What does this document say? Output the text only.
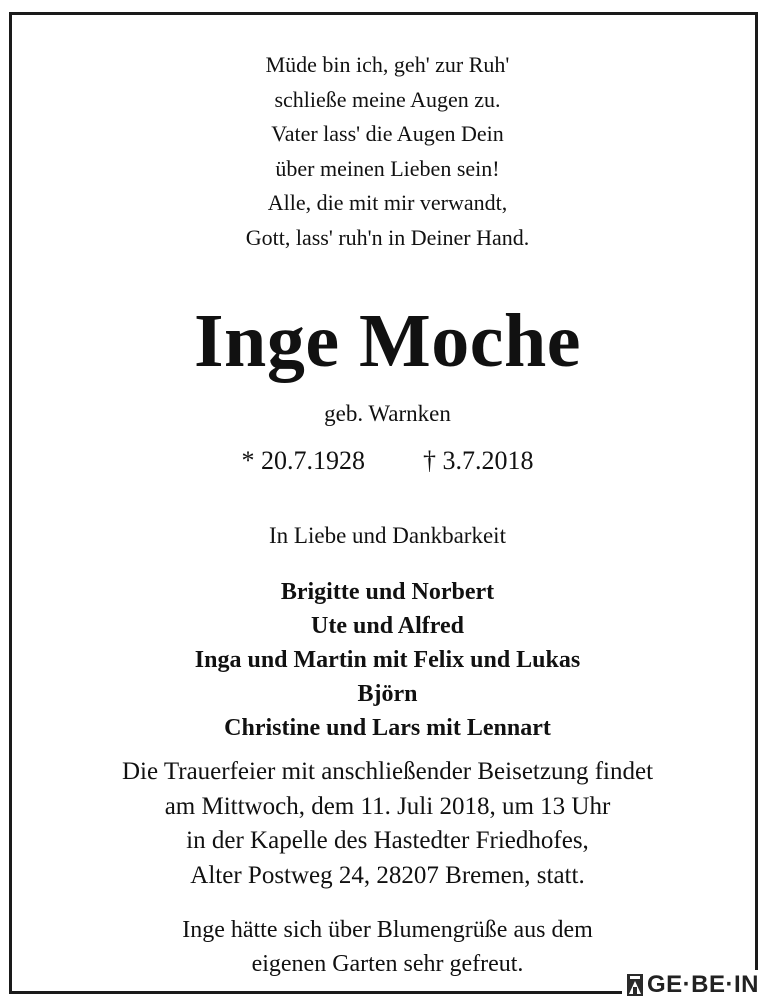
Müde bin ich, geh' zur Ruh'
schließe meine Augen zu.
Vater lass' die Augen Dein
über meinen Lieben sein!
Alle, die mit mir verwandt,
Gott, lass' ruh'n in Deiner Hand.
Inge Moche
geb. Warnken
* 20.7.1928 † 3.7.2018
In Liebe und Dankbarkeit
Brigitte und Norbert
Ute und Alfred
Inga und Martin mit Felix und Lukas
Björn
Christine und Lars mit Lennart
Die Trauerfeier mit anschließender Beisetzung findet
am Mittwoch, dem 11. Juli 2018, um 13 Uhr
in der Kapelle des Hastedter Friedhofes,
Alter Postweg 24, 28207 Bremen, statt.
Inge hätte sich über Blumengrüße aus dem
eigenen Garten sehr gefreut.
GE·BE·IN
